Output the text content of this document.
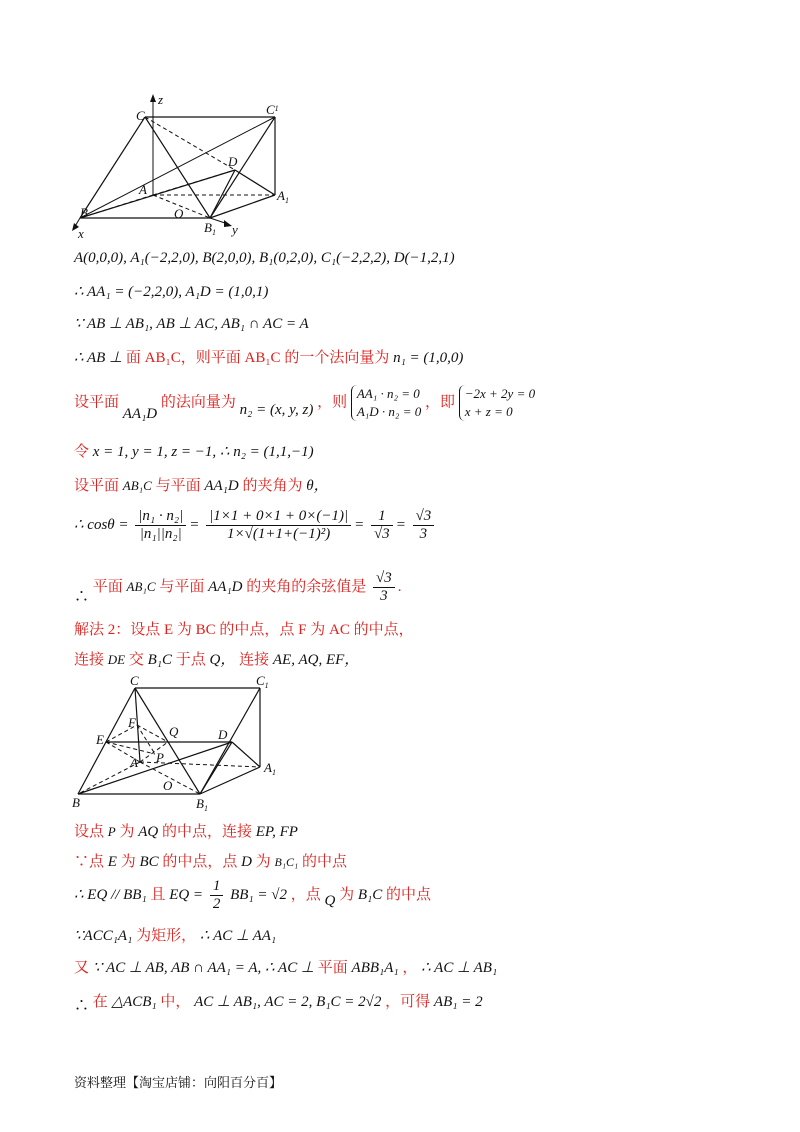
z
C	$C^1$
D
A	$A_1$
B	O
$B_1$
x	y
A(0,0,0), A₁(−2,2,0), B(2,0,0), B₁(0,2,0), C₁(−2,2,2), D(−1,2,1)
∴ AA₁ = (−2,2,0), A₁D = (1,0,1)
∵ AB ⊥ AB₁, AB ⊥ AC, AB₁ ∩ AC = A
∴ AB ⊥ 面 AB₁C，则平面 AB₁C 的一个法向量为 n₁ = (1,0,0)
设平面 AA₁D 的法向量为 n₂ = (x, y, z) ，则
AA₁ · n₂ = 0
A₁D · n₂ = 0
，即
−2x + 2y = 0
x + z = 0
令 x = 1, y = 1, z = −1, ∴ n₂ = (1,1,−1)
设平面 AB₁C 与平面 AA₁D 的夹角为 θ，
∴ $\cos\theta = \frac{\text{|n₁ · n₂|}}{\text{|n₁||n₂|}} = \frac{|1\times 1 + 0\times 1 + 0\times(-1)|}{\text{1×√(1+1+(−1)²)}} = \frac{1}{√3} = \frac{√3}{3}$
∴ 平面 AB₁C 与平面 AA₁D 的夹角的余弦值是 $\frac{√3}{3}$ .
解法 2：设点 E 为 BC 的中点，点 F 为 AC 的中点，
连接 DE 交 B₁C 于点 Q， 连接 AE, AQ, EF，
C	$C_1$
F
Q
E	D
A P
$A_1$
O
B	$B_1$
设点 P 为 AQ 的中点，连接 EP, FP
∵点 E 为 BC 的中点，点 D 为 B₁C₁ 的中点
∴ EQ // BB₁ 且 EQ = $\frac{1}{2} BB_1 = √2$ ，点 Q 为 B₁C 的中点
∵ACC₁A₁ 为矩形， ∴ AC ⊥ AA₁
又 ∵ AC ⊥ AB, AB ∩ AA₁ = A, ∴ AC ⊥ 平面 ABB₁A₁ ， ∴ AC ⊥ AB₁
∴ 在 △ACB₁ 中， AC ⊥ AB₁, AC = 2, B₁C = 2√2 ，可得 AB₁ = 2
资料整理【淘宝店铺：向阳百分百】
